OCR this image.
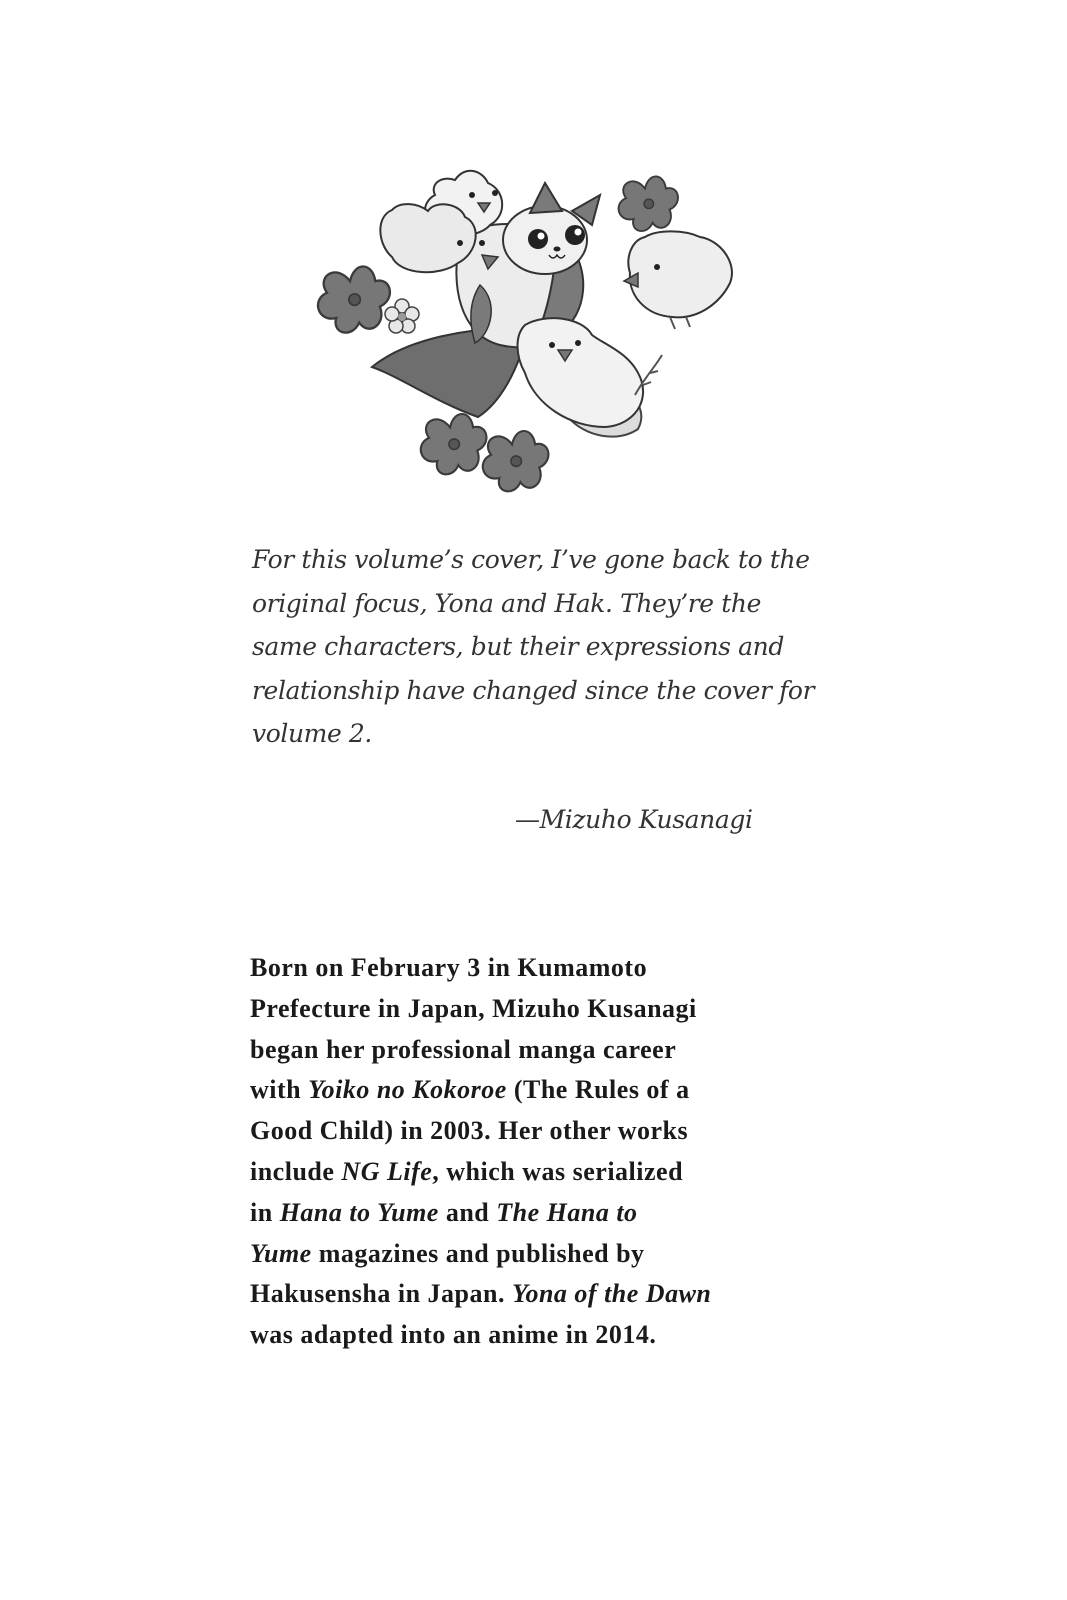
For this volume’s cover, I’ve gone back to the
original focus, Yona and Hak. They’re the
same characters, but their expressions and
relationship have changed since the cover for
volume 2.
—Mizuho Kusanagi
Born on February 3 in Kumamoto
Prefecture in Japan, Mizuho Kusanagi
began her professional manga career
with Yoiko no Kokoroe (The Rules of a
Good Child) in 2003. Her other works
include NG Life, which was serialized
in Hana to Yume and The Hana to
Yume magazines and published by
Hakusensha in Japan. Yona of the Dawn
was adapted into an anime in 2014.
